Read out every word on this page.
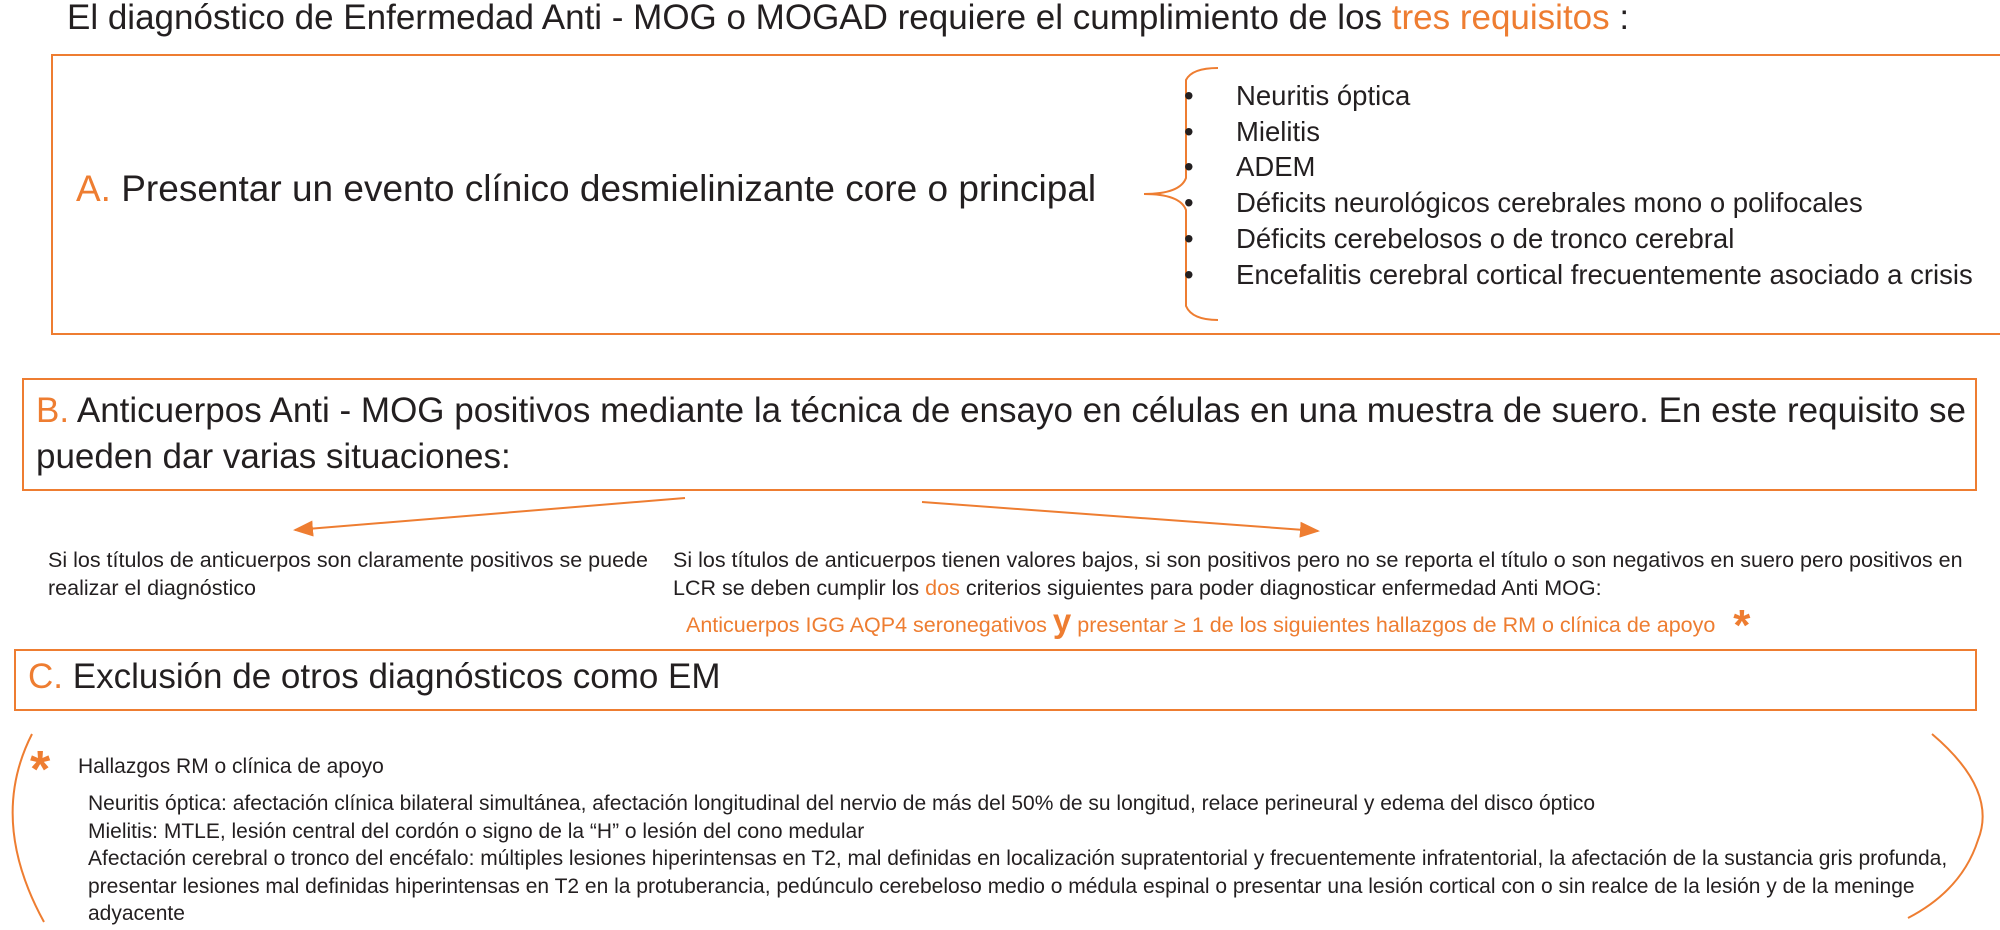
El diagnóstico de Enfermedad Anti - MOG o MOGAD requiere el cumplimiento de los tres requisitos :
A. Presentar un evento clínico desmielinizante core o principal
• Neuritis óptica
• Mielitis
• ADEM
• Déficits neurológicos cerebrales mono o polifocales
• Déficits cerebelosos o de tronco cerebral
• Encefalitis cerebral cortical frecuentemente asociado a crisis
B. Anticuerpos Anti - MOG positivos mediante la técnica de ensayo en células en una muestra de suero. En este requisito se pueden dar varias situaciones:
Si los títulos de anticuerpos son claramente positivos se puede realizar el diagnóstico
Si los títulos de anticuerpos tienen valores bajos, si son positivos pero no se reporta el título o son negativos en suero pero positivos en LCR se deben cumplir los dos criterios siguientes para poder diagnosticar enfermedad Anti MOG:
Anticuerpos IGG AQP4 seronegativos y presentar ≥ 1 de los siguientes hallazgos de RM o clínica de apoyo *
C. Exclusión de otros diagnósticos como EM
* Hallazgos RM o clínica de apoyo

Neuritis óptica: afectación clínica bilateral simultánea, afectación longitudinal del nervio de más del 50% de su longitud, relace perineural y edema del disco óptico

Mielitis: MTLE, lesión central del cordón o signo de la “H” o lesión del cono medular

Afectación cerebral o tronco del encéfalo: múltiples lesiones hiperintensas en T2, mal definidas en localización supratentorial y frecuentemente infratentorial, la afectación de la sustancia gris profunda, presentar lesiones mal definidas hiperintensas en T2 en la protuberancia, pedúnculo cerebeloso medio o médula espinal o presentar una lesión cortical con o sin realce de la lesión y de la meninge adyacente
